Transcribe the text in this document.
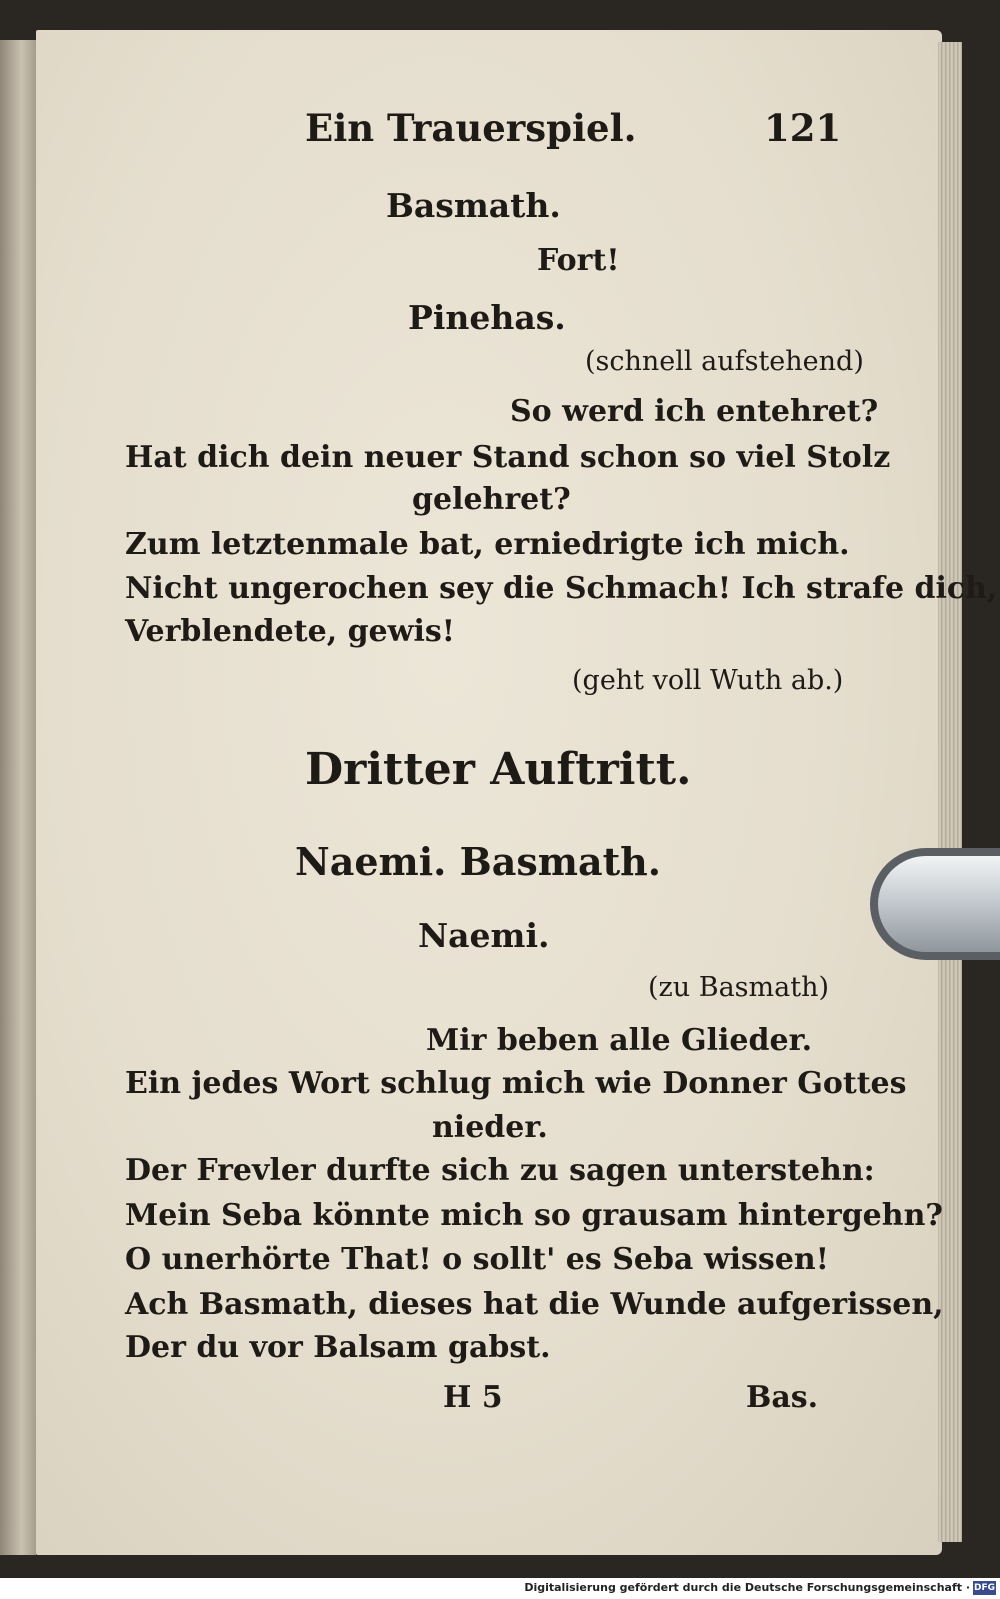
Ein Trauerspiel.	121
Basmath.
Fort!
Pinehas.
(schnell aufstehend)
So werd ich entehret?
Hat dich dein neuer Stand schon so viel Stolz
gelehret?
Zum letztenmale bat, erniedrigte ich mich.
Nicht ungerochen sey die Schmach! Ich strafe dich,
Verblendete, gewis!
(geht voll Wuth ab.)
Dritter Auftritt.
Naemi. Basmath.
Naemi.
(zu Basmath)
Mir beben alle Glieder.
Ein jedes Wort schlug mich wie Donner Gottes
nieder.
Der Frevler durfte sich zu sagen unterstehn:
Mein Seba könnte mich so grausam hintergehn?
O unerhörte That! o sollt' es Seba wissen!
Ach Basmath, dieses hat die Wunde aufgerissen,
Der du vor Balsam gabst.
H 5	Bas.
Digitalisierung gefördert durch die Deutsche Forschungsgemeinschaft · DFG
